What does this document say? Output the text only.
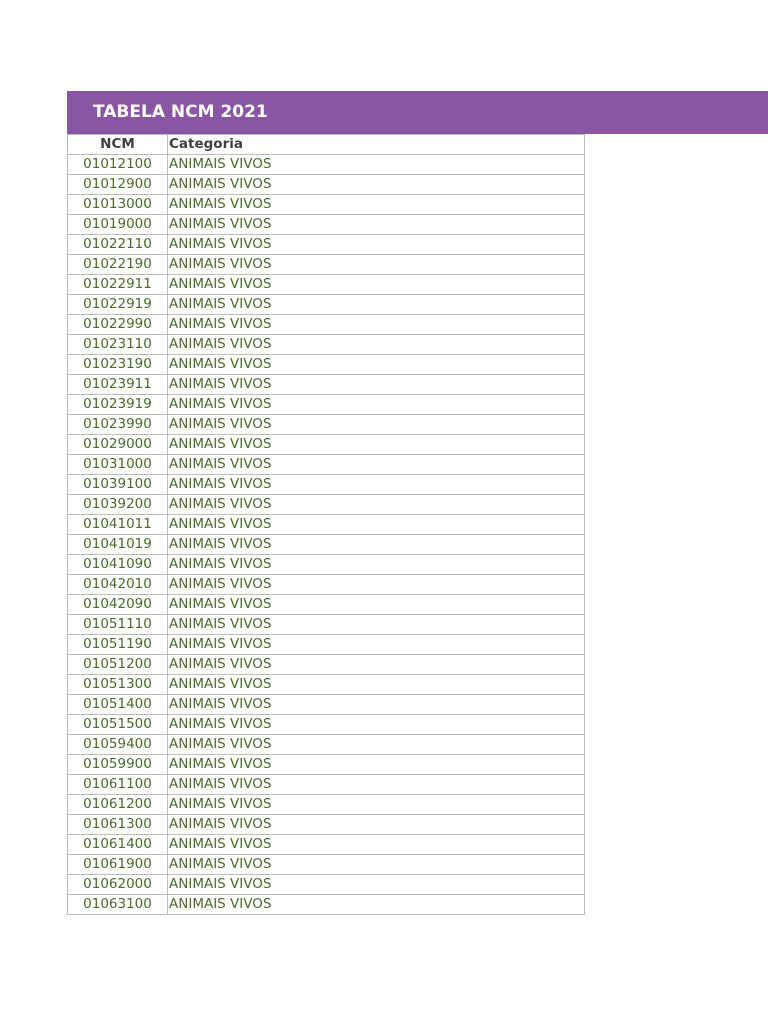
TABELA NCM 2021
NCM	Categoria
01012100	ANIMAIS VIVOS
01012900	ANIMAIS VIVOS
01013000	ANIMAIS VIVOS
01019000	ANIMAIS VIVOS
01022110	ANIMAIS VIVOS
01022190	ANIMAIS VIVOS
01022911	ANIMAIS VIVOS
01022919	ANIMAIS VIVOS
01022990	ANIMAIS VIVOS
01023110	ANIMAIS VIVOS
01023190	ANIMAIS VIVOS
01023911	ANIMAIS VIVOS
01023919	ANIMAIS VIVOS
01023990	ANIMAIS VIVOS
01029000	ANIMAIS VIVOS
01031000	ANIMAIS VIVOS
01039100	ANIMAIS VIVOS
01039200	ANIMAIS VIVOS
01041011	ANIMAIS VIVOS
01041019	ANIMAIS VIVOS
01041090	ANIMAIS VIVOS
01042010	ANIMAIS VIVOS
01042090	ANIMAIS VIVOS
01051110	ANIMAIS VIVOS
01051190	ANIMAIS VIVOS
01051200	ANIMAIS VIVOS
01051300	ANIMAIS VIVOS
01051400	ANIMAIS VIVOS
01051500	ANIMAIS VIVOS
01059400	ANIMAIS VIVOS
01059900	ANIMAIS VIVOS
01061100	ANIMAIS VIVOS
01061200	ANIMAIS VIVOS
01061300	ANIMAIS VIVOS
01061400	ANIMAIS VIVOS
01061900	ANIMAIS VIVOS
01062000	ANIMAIS VIVOS
01063100	ANIMAIS VIVOS
